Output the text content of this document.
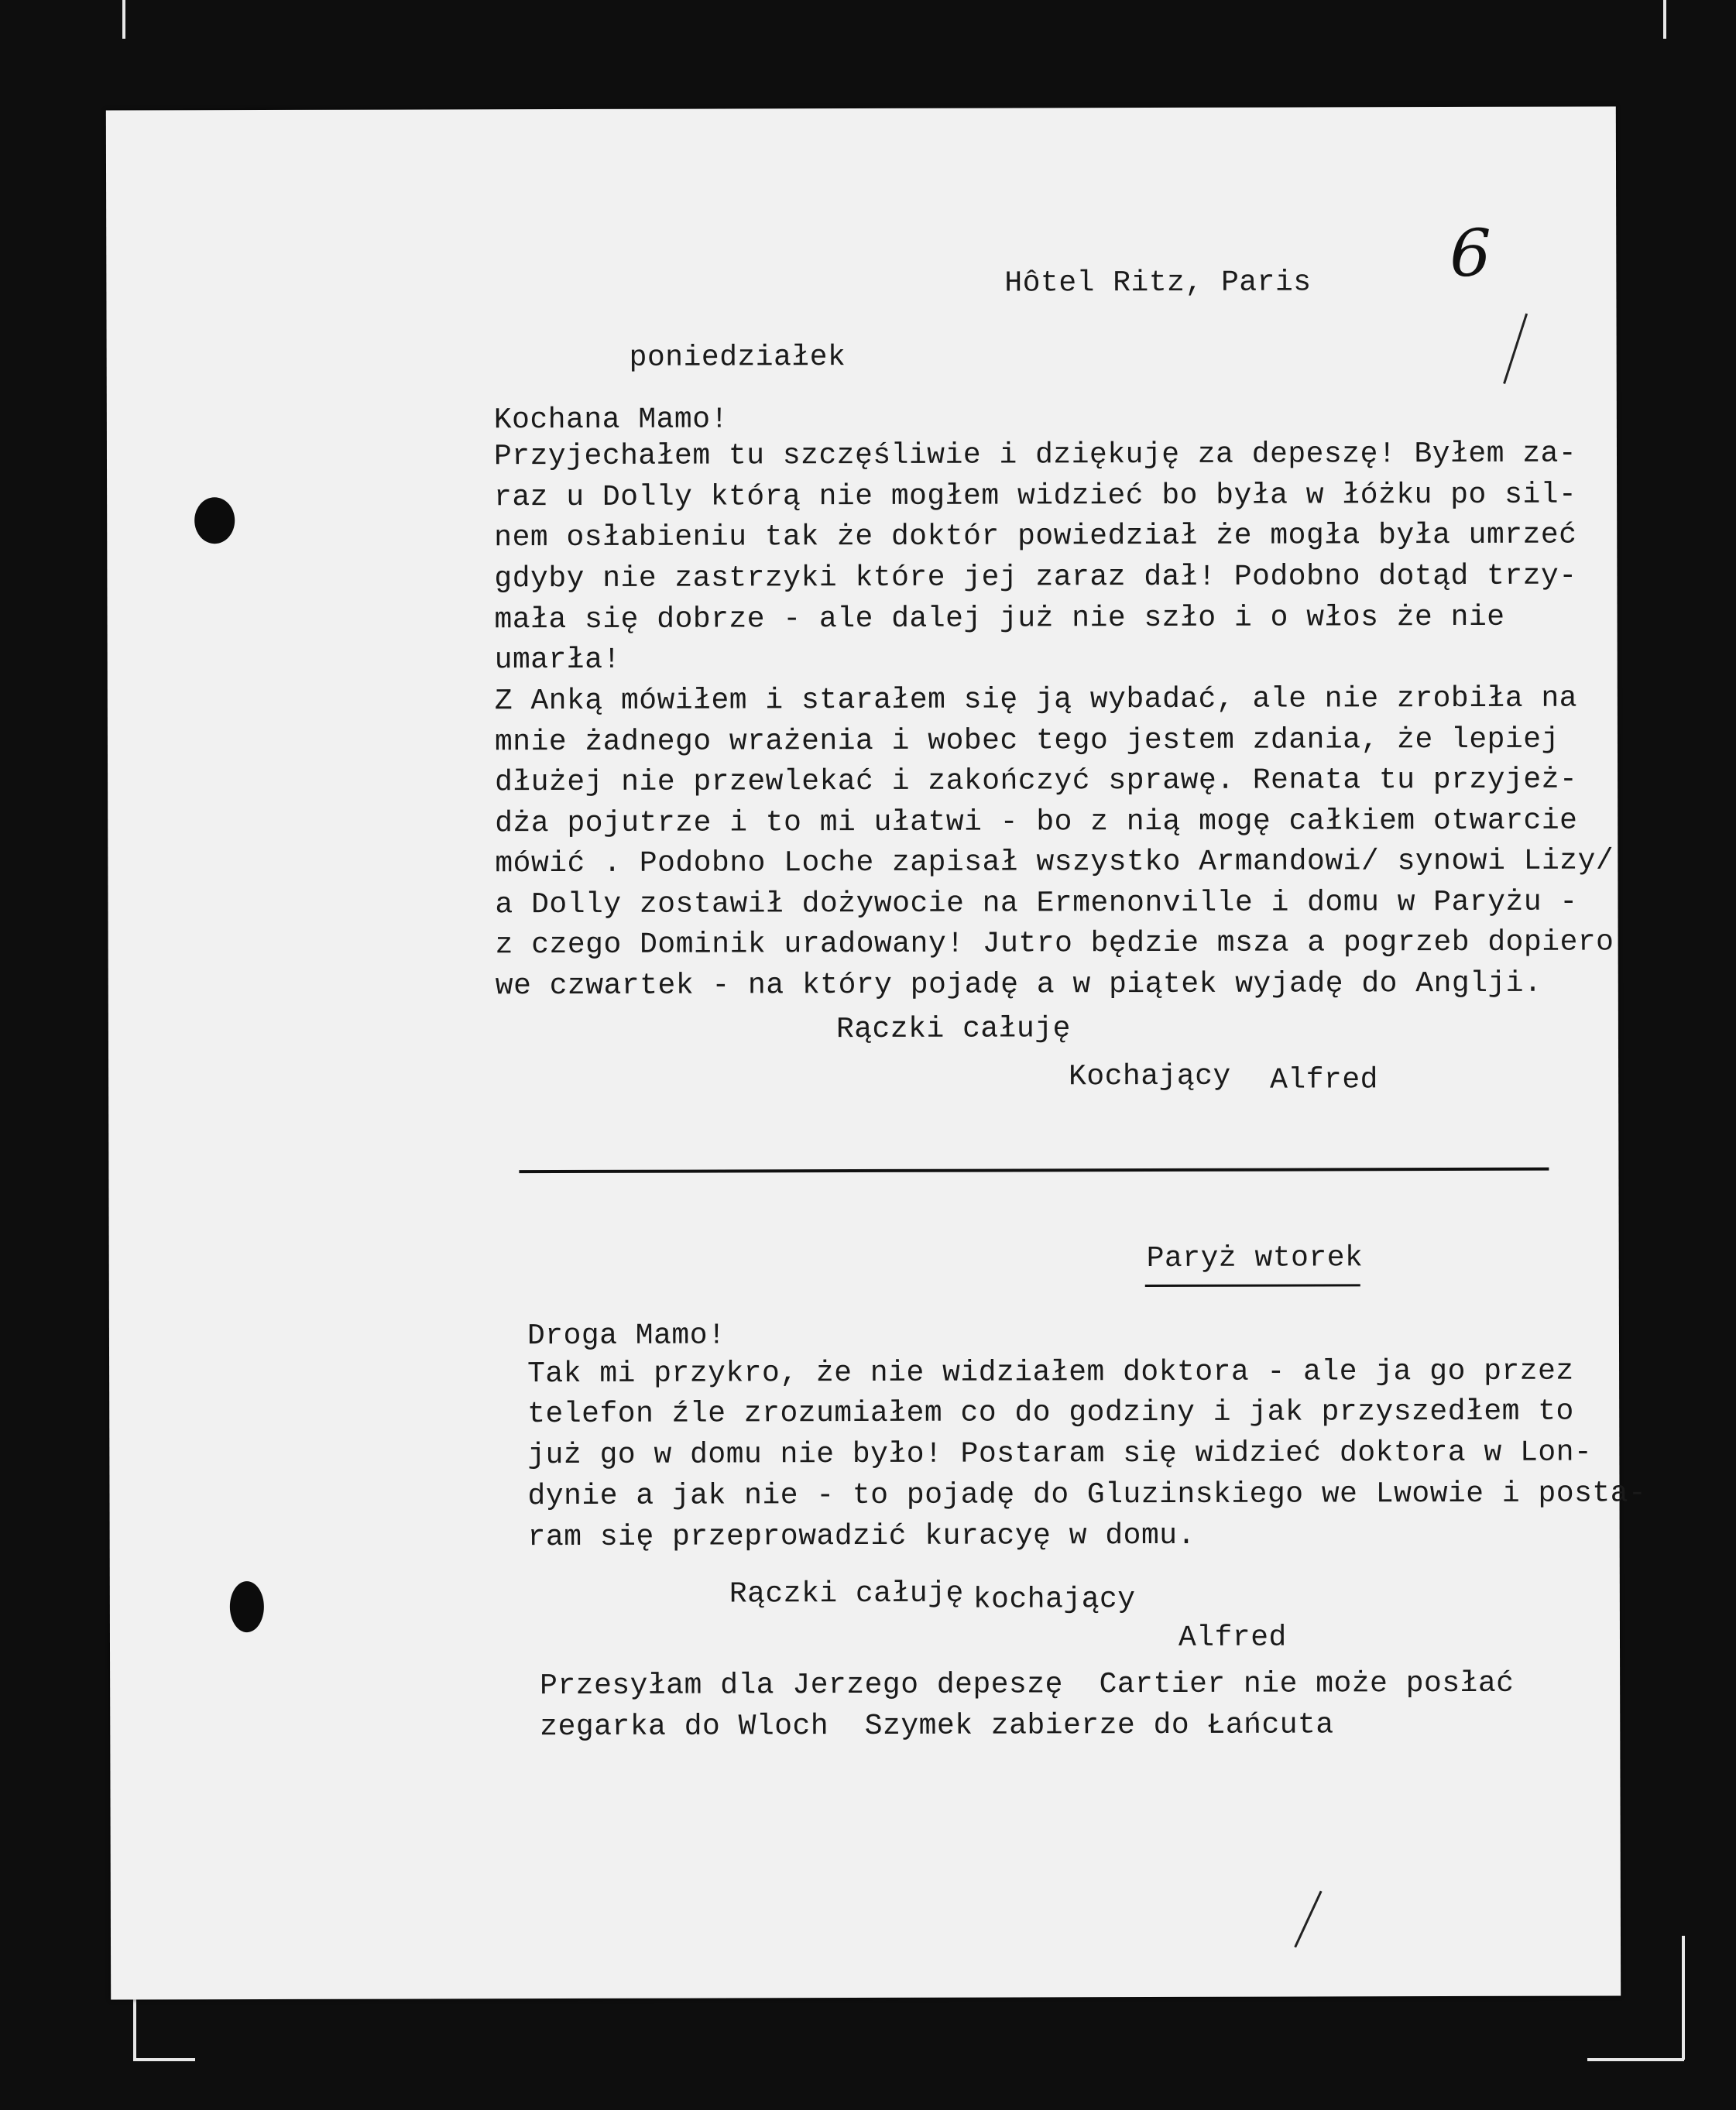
6
Hôtel Ritz, Paris
poniedziałek
Kochana Mamo!
Przyjechałem tu szczęśliwie i dziękuję za depeszę! Byłem za-
raz u Dolly którą nie mogłem widzieć bo była w łóżku po sil-
nem osłabieniu tak że doktór powiedział że mogła była umrzeć
gdyby nie zastrzyki które jej zaraz dał! Podobno dotąd trzy-
mała się dobrze - ale dalej już nie szło i o włos że nie
umarła!
Z Anką mówiłem i starałem się ją wybadać, ale nie zrobiła na
mnie żadnego wrażenia i wobec tego jestem zdania, że lepiej
dłużej nie przewlekać i zakończyć sprawę. Renata tu przyjeż-
dża pojutrze i to mi ułatwi - bo z nią mogę całkiem otwarcie
mówić . Podobno Loche zapisał wszystko Armandowi/ synowi Lizy/
a Dolly zostawił dożywocie na Ermenonville i domu w Paryżu -
z czego Dominik uradowany! Jutro będzie msza a pogrzeb dopiero
we czwartek - na który pojadę a w piątek wyjadę do Anglji.
Rączki całuję
Kochający Alfred
Paryż wtorek
Droga Mamo!
Tak mi przykro, że nie widziałem doktora - ale ja go przez
telefon źle zrozumiałem co do godziny i jak przyszedłem to
już go w domu nie było! Postaram się widzieć doktora w Lon-
dynie a jak nie - to pojadę do Gluzinskiego we Lwowie i posta-
ram się przeprowadzić kuracyę w domu.
Rączki całuję kochający
Alfred
Przesyłam dla Jerzego depeszę  Cartier nie może posłać
zegarka do Wloch  Szymek zabierze do Łańcuta
